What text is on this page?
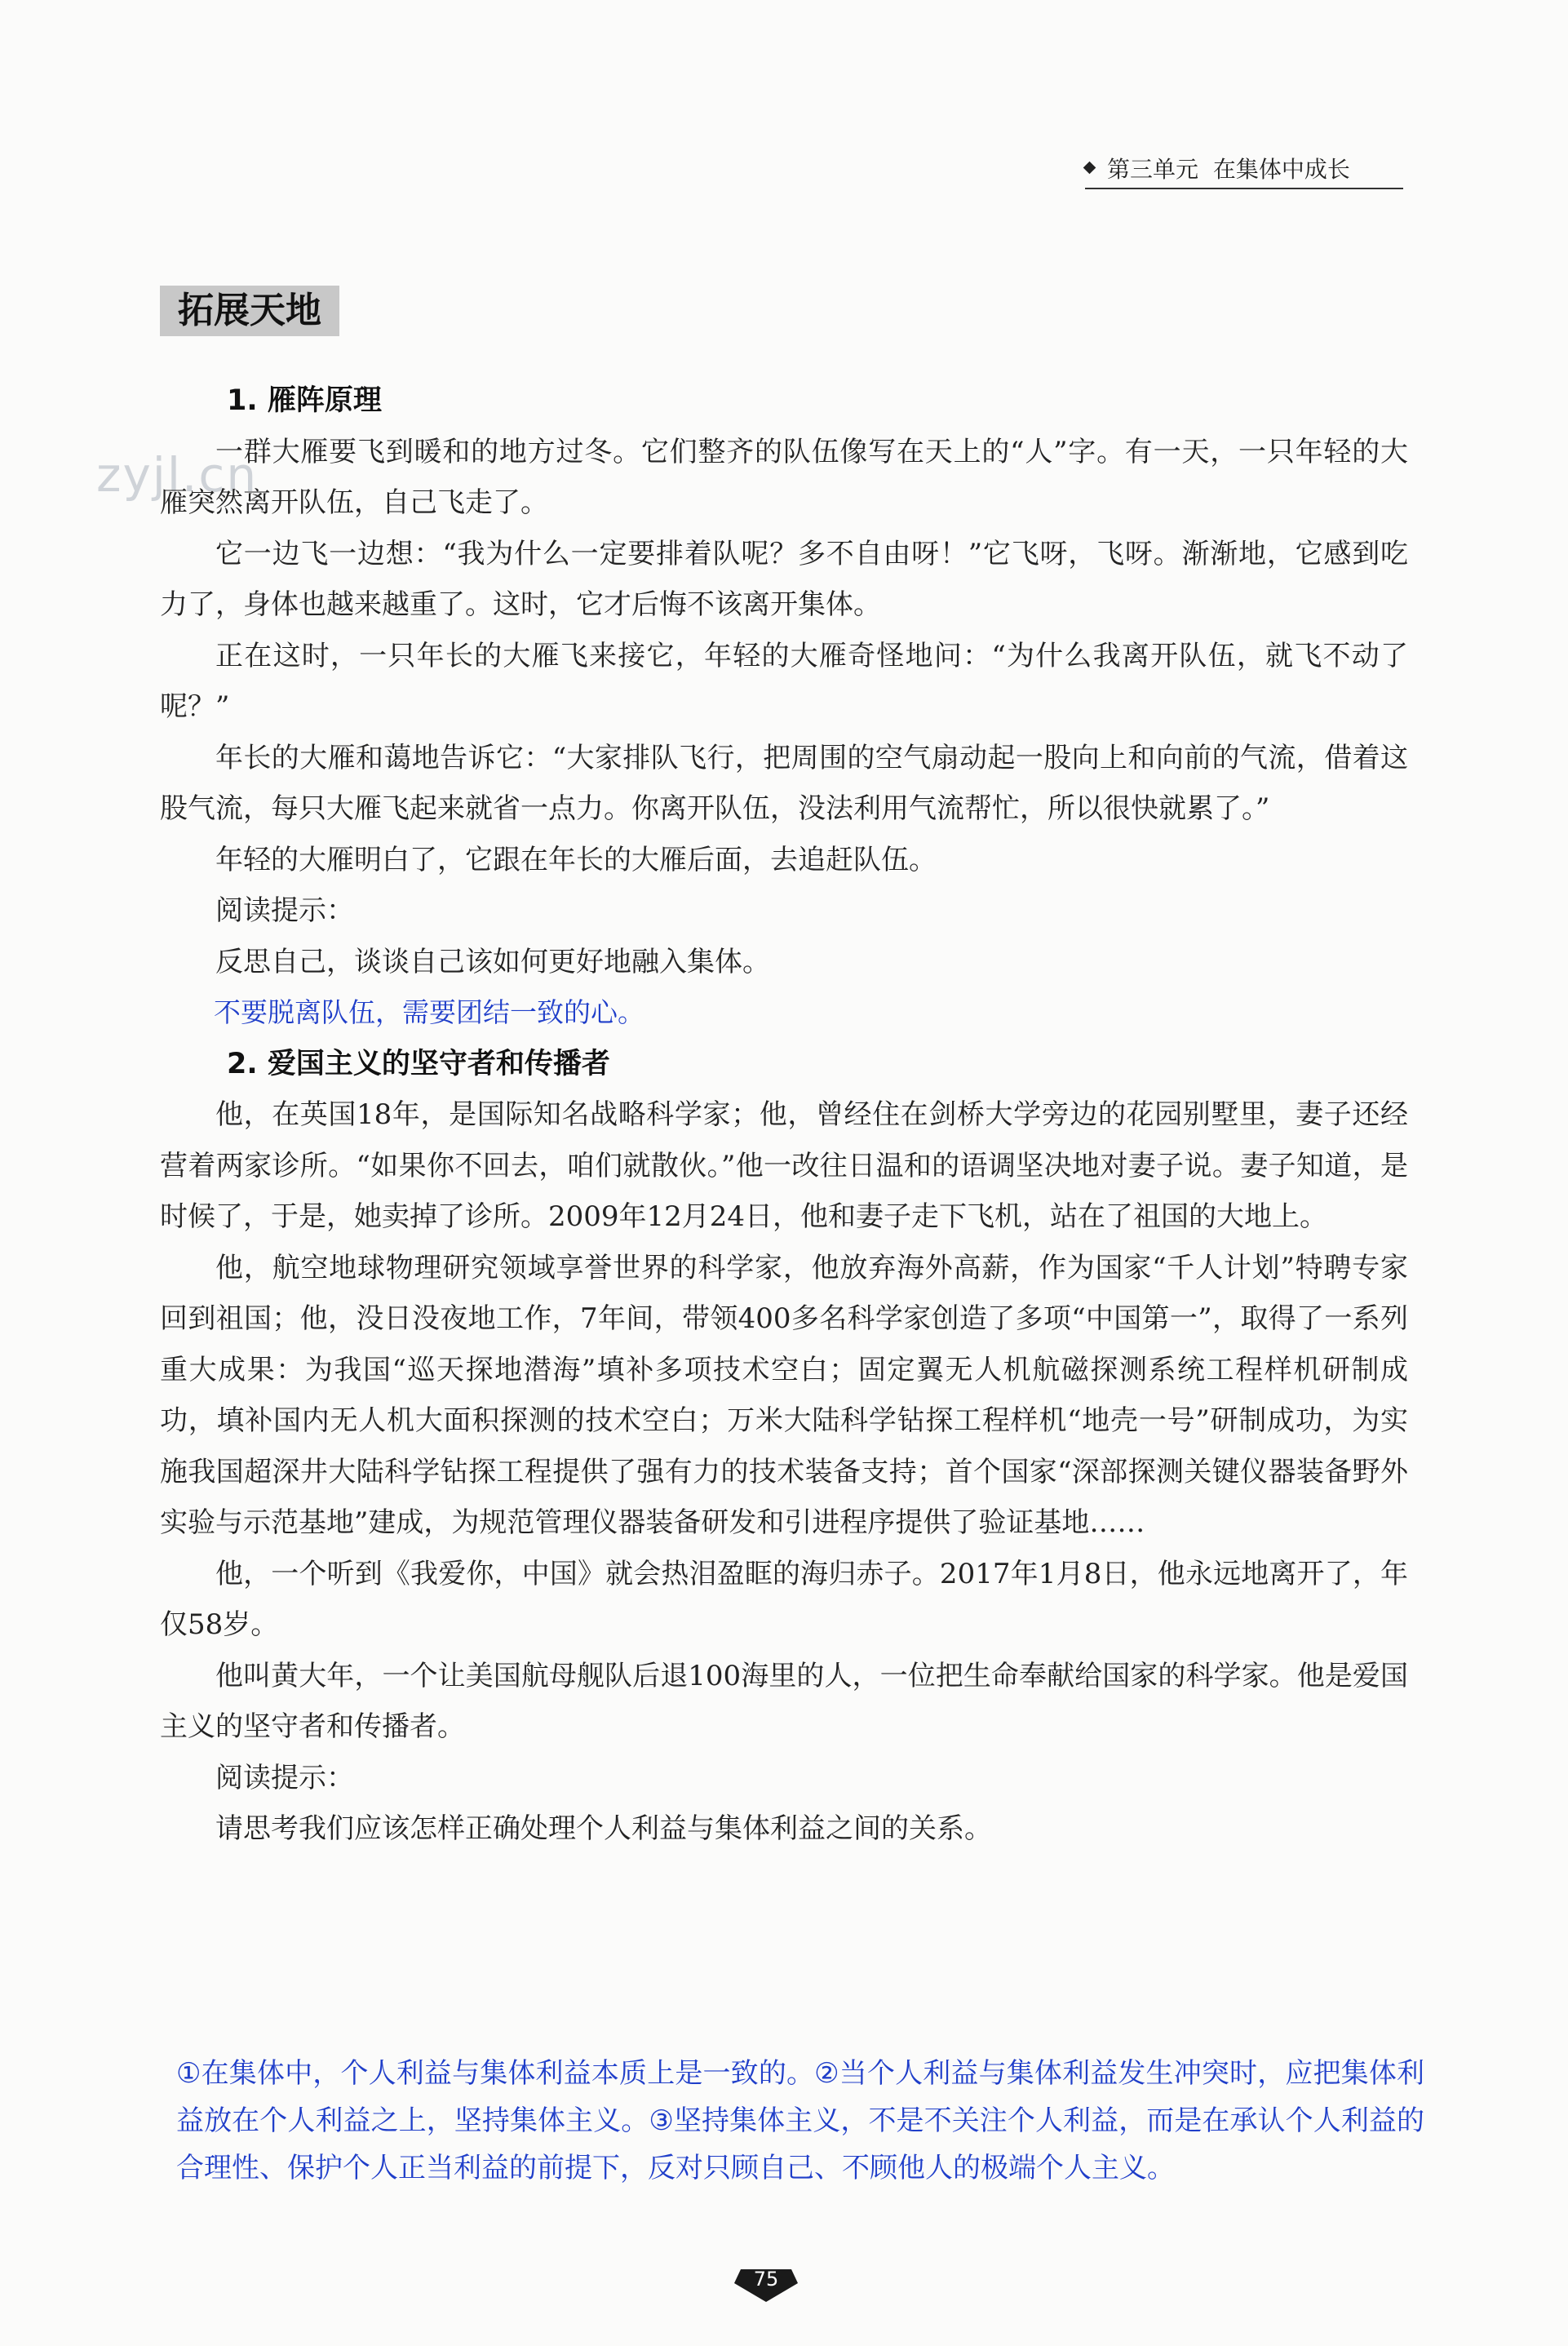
第三单元 在集体中成长
zyjl.cn
拓展天地
1. 雁阵原理

一群大雁要飞到暖和的地方过冬。它们整齐的队伍像写在天上的“人”字。有一天，一只年轻的大雁突然离开队伍，自己飞走了。

它一边飞一边想：“我为什么一定要排着队呢？多不自由呀！”它飞呀，飞呀。渐渐地，它感到吃力了，身体也越来越重了。这时，它才后悔不该离开集体。

正在这时，一只年长的大雁飞来接它，年轻的大雁奇怪地问：“为什么我离开队伍，就飞不动了呢？”

年长的大雁和蔼地告诉它：“大家排队飞行，把周围的空气扇动起一股向上和向前的气流，借着这股气流，每只大雁飞起来就省一点力。你离开队伍，没法利用气流帮忙，所以很快就累了。”

年轻的大雁明白了，它跟在年长的大雁后面，去追赶队伍。

阅读提示：

反思自己，谈谈自己该如何更好地融入集体。

不要脱离队伍，需要团结一致的心。

2. 爱国主义的坚守者和传播者

他，在英国18年，是国际知名战略科学家；他，曾经住在剑桥大学旁边的花园别墅里，妻子还经营着两家诊所。“如果你不回去，咱们就散伙。”他一改往日温和的语调坚决地对妻子说。妻子知道，是时候了，于是，她卖掉了诊所。2009年12月24日，他和妻子走下飞机，站在了祖国的大地上。

他，航空地球物理研究领域享誉世界的科学家，他放弃海外高薪，作为国家“千人计划”特聘专家回到祖国；他，没日没夜地工作，7年间，带领400多名科学家创造了多项“中国第一”，取得了一系列重大成果：为我国“巡天探地潜海”填补多项技术空白；固定翼无人机航磁探测系统工程样机研制成功，填补国内无人机大面积探测的技术空白；万米大陆科学钻探工程样机“地壳一号”研制成功，为实施我国超深井大陆科学钻探工程提供了强有力的技术装备支持；首个国家“深部探测关键仪器装备野外实验与示范基地”建成，为规范管理仪器装备研发和引进程序提供了验证基地……

他，一个听到《我爱你，中国》就会热泪盈眶的海归赤子。2017年1月8日，他永远地离开了，年仅58岁。

他叫黄大年，一个让美国航母舰队后退100海里的人，一位把生命奉献给国家的科学家。他是爱国主义的坚守者和传播者。

阅读提示：

请思考我们应该怎样正确处理个人利益与集体利益之间的关系。

①在集体中，个人利益与集体利益本质上是一致的。②当个人利益与集体利益发生冲突时，应把集体利益放在个人利益之上，坚持集体主义。③坚持集体主义，不是不关注个人利益，而是在承认个人利益的合理性、保护个人正当利益的前提下，反对只顾自己、不顾他人的极端个人主义。
75
